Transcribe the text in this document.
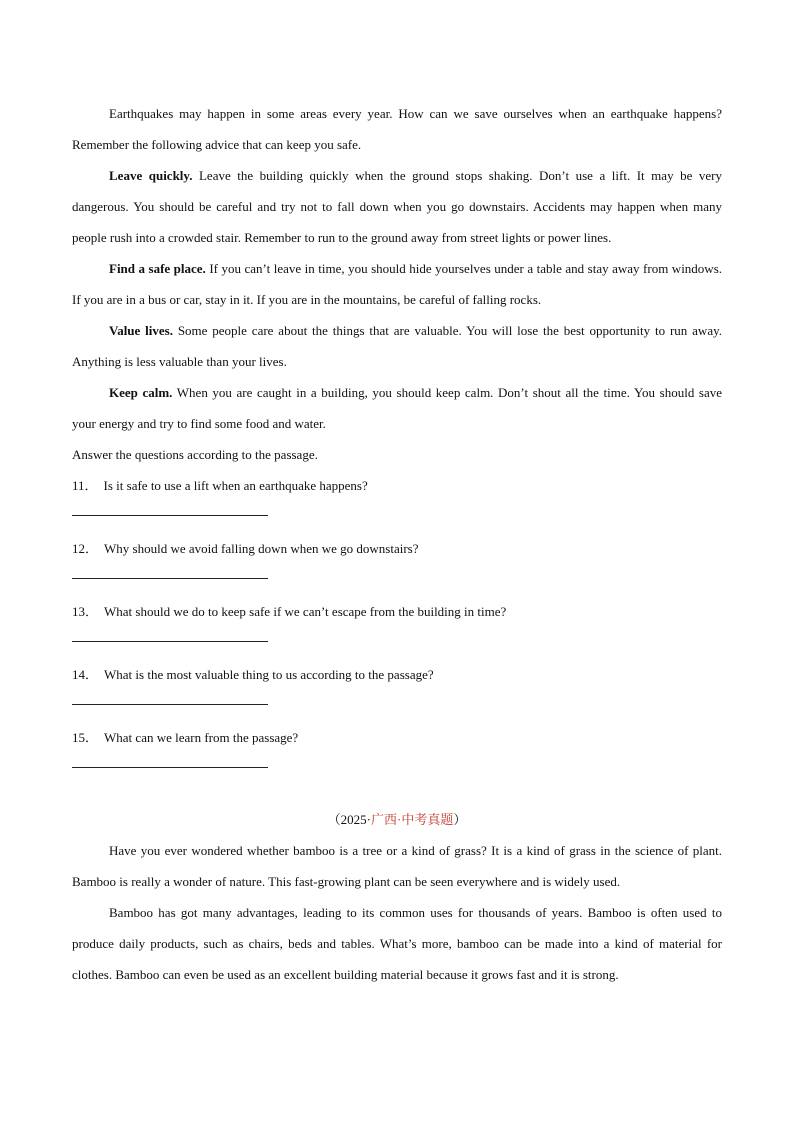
Earthquakes may happen in some areas every year. How can we save ourselves when an earthquake happens? Remember the following advice that can keep you safe.

Leave quickly. Leave the building quickly when the ground stops shaking. Don’t use a lift. It may be very dangerous. You should be careful and try not to fall down when you go downstairs. Accidents may happen when many people rush into a crowded stair. Remember to run to the ground away from street lights or power lines.

Find a safe place. If you can’t leave in time, you should hide yourselves under a table and stay away from windows. If you are in a bus or car, stay in it. If you are in the mountains, be careful of falling rocks.

Value lives. Some people care about the things that are valuable. You will lose the best opportunity to run away. Anything is less valuable than your lives.

Keep calm. When you are caught in a building, you should keep calm. Don’t shout all the time. You should save your energy and try to find some food and water.

Answer the questions according to the passage.

11． Is it safe to use a lift when an earthquake happens?

12． Why should we avoid falling down when we go downstairs?

13． What should we do to keep safe if we can’t escape from the building in time?

14． What is the most valuable thing to us according to the passage?

15． What can we learn from the passage?

（2025·广西·中考真题）

Have you ever wondered whether bamboo is a tree or a kind of grass? It is a kind of grass in the science of plant. Bamboo is really a wonder of nature. This fast-growing plant can be seen everywhere and is widely used.

Bamboo has got many advantages, leading to its common uses for thousands of years. Bamboo is often used to produce daily products, such as chairs, beds and tables. What’s more, bamboo can be made into a kind of material for clothes. Bamboo can even be used as an excellent building material because it grows fast and it is strong.
